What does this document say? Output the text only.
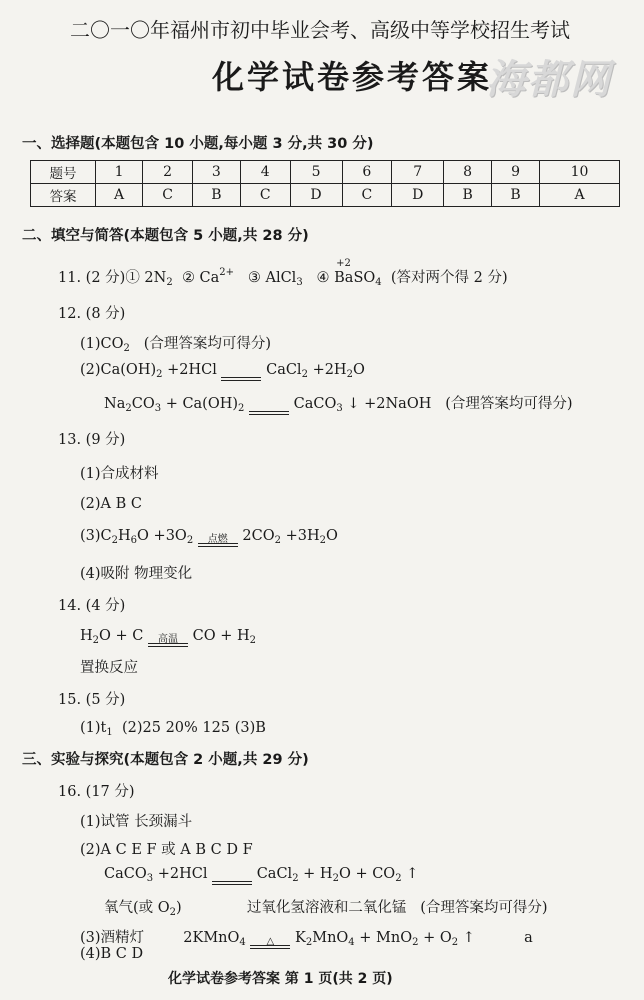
二〇一〇年福州市初中毕业会考、高级中等学校招生考试
化学试卷参考答案
海都网
一、选择题(本题包含 10 小题,每小题 3 分,共 30 分)
题号	1	2	3	4	5	6	7	8	9	10
答案	A	C	B	C	D	C	D	B	B	A
二、填空与简答(本题包含 5 小题,共 28 分)
11. (2 分)① $2N_2$ ② $Ca^{2+}$ ③ AlCl$_3$ ④
+2
BaSO$_4$ (答对两个得 2 分)
12. (8 分)
$(1)CO_2$ (合理答案均可得分)
$(2)Ca(OH)_2 +2HCl$
	CaCl$_2$ $+2H_2O$
$Na_2CO_3 + Ca(OH)_2$
	CaCO$_3$ ↓ +2NaOH (合理答案均可得分)
13. (9 分)
(1)合成材料
(2)A B C
$(3)C_2H_6O +3O_2$	点燃	$2CO_2 +3H_2O$
(4)吸附 物理变化
14. (4 分)
$H_2O + C$	高温	CO + $H_2$
置换反应
15. (5 分)
$(1)t_1$ (2)25 20% 125 (3)B
三、实验与探究(本题包含 2 小题,共 29 分)
16. (17 分)
(1)试管 长颈漏斗
(2)A C E F 或 A B C D F
CaCO$_3$ +2HCl
	CaCl$_2$ + $H_2O + CO_2$ ↑
氧气(或 $O_2$)	过氧化氢溶液和二氧化锰 (合理答案均可得分)
(3)酒精灯	2KMnO$_4$	△	$K_2MnO_4 + MnO_2 + O_2$ ↑	a
(4)B C D
化学试卷参考答案 第 1 页(共 2 页)
